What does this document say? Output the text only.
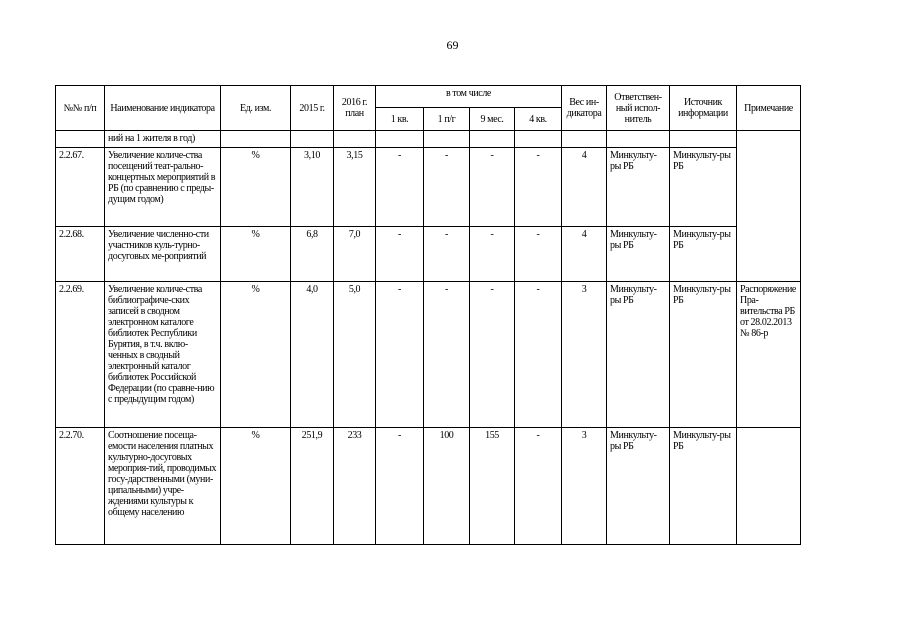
69
№№ п/п	Наименование индикатора	Ед. изм.	2015 г.	2016 г. план	в том числе				Вес ин-дикатора	Ответствен-ный испол-нитель	Источник информации	Примечание
					1 кв.	1 п/г	9 мес.	4 кв.				
	ний на 1 жителя в год)											
2.2.67.	Увеличение количе-ства посещений теат-рально-концертных мероприятий в РБ (по сравнению с преды-дущим годом)	%	3,10	3,15	-	-	-	-	4	Минкульту-ры РБ	Минкульту-ры РБ	
2.2.68.	Увеличение численно-сти участников куль-турно-досуговых ме-роприятий	%	6,8	7,0	-	-	-	-	4	Минкульту-ры РБ	Минкульту-ры РБ	
2.2.69.	Увеличение количе-ства библиографиче-ских записей в сводном электронном каталоге библиотек Республики Бурятия, в т.ч. вклю-ченных в сводный электронный каталог библиотек Российской Федерации (по сравне-нию с предыдущим годом)	%	4,0	5,0	-	-	-	-	3	Минкульту-ры РБ	Минкульту-ры РБ	Распоряжение Пра-вительства РБ от 28.02.2013 № 86-р
2.2.70.	Соотношение посеща-емости населения платных культурно-досуговых мероприя-тий, проводимых госу-дарственными (муни-ципальными) учре-ждениями культуры к общему населению	%	251,9	233	-	100	155	-	3	Минкульту-ры РБ	Минкульту-ры РБ	
